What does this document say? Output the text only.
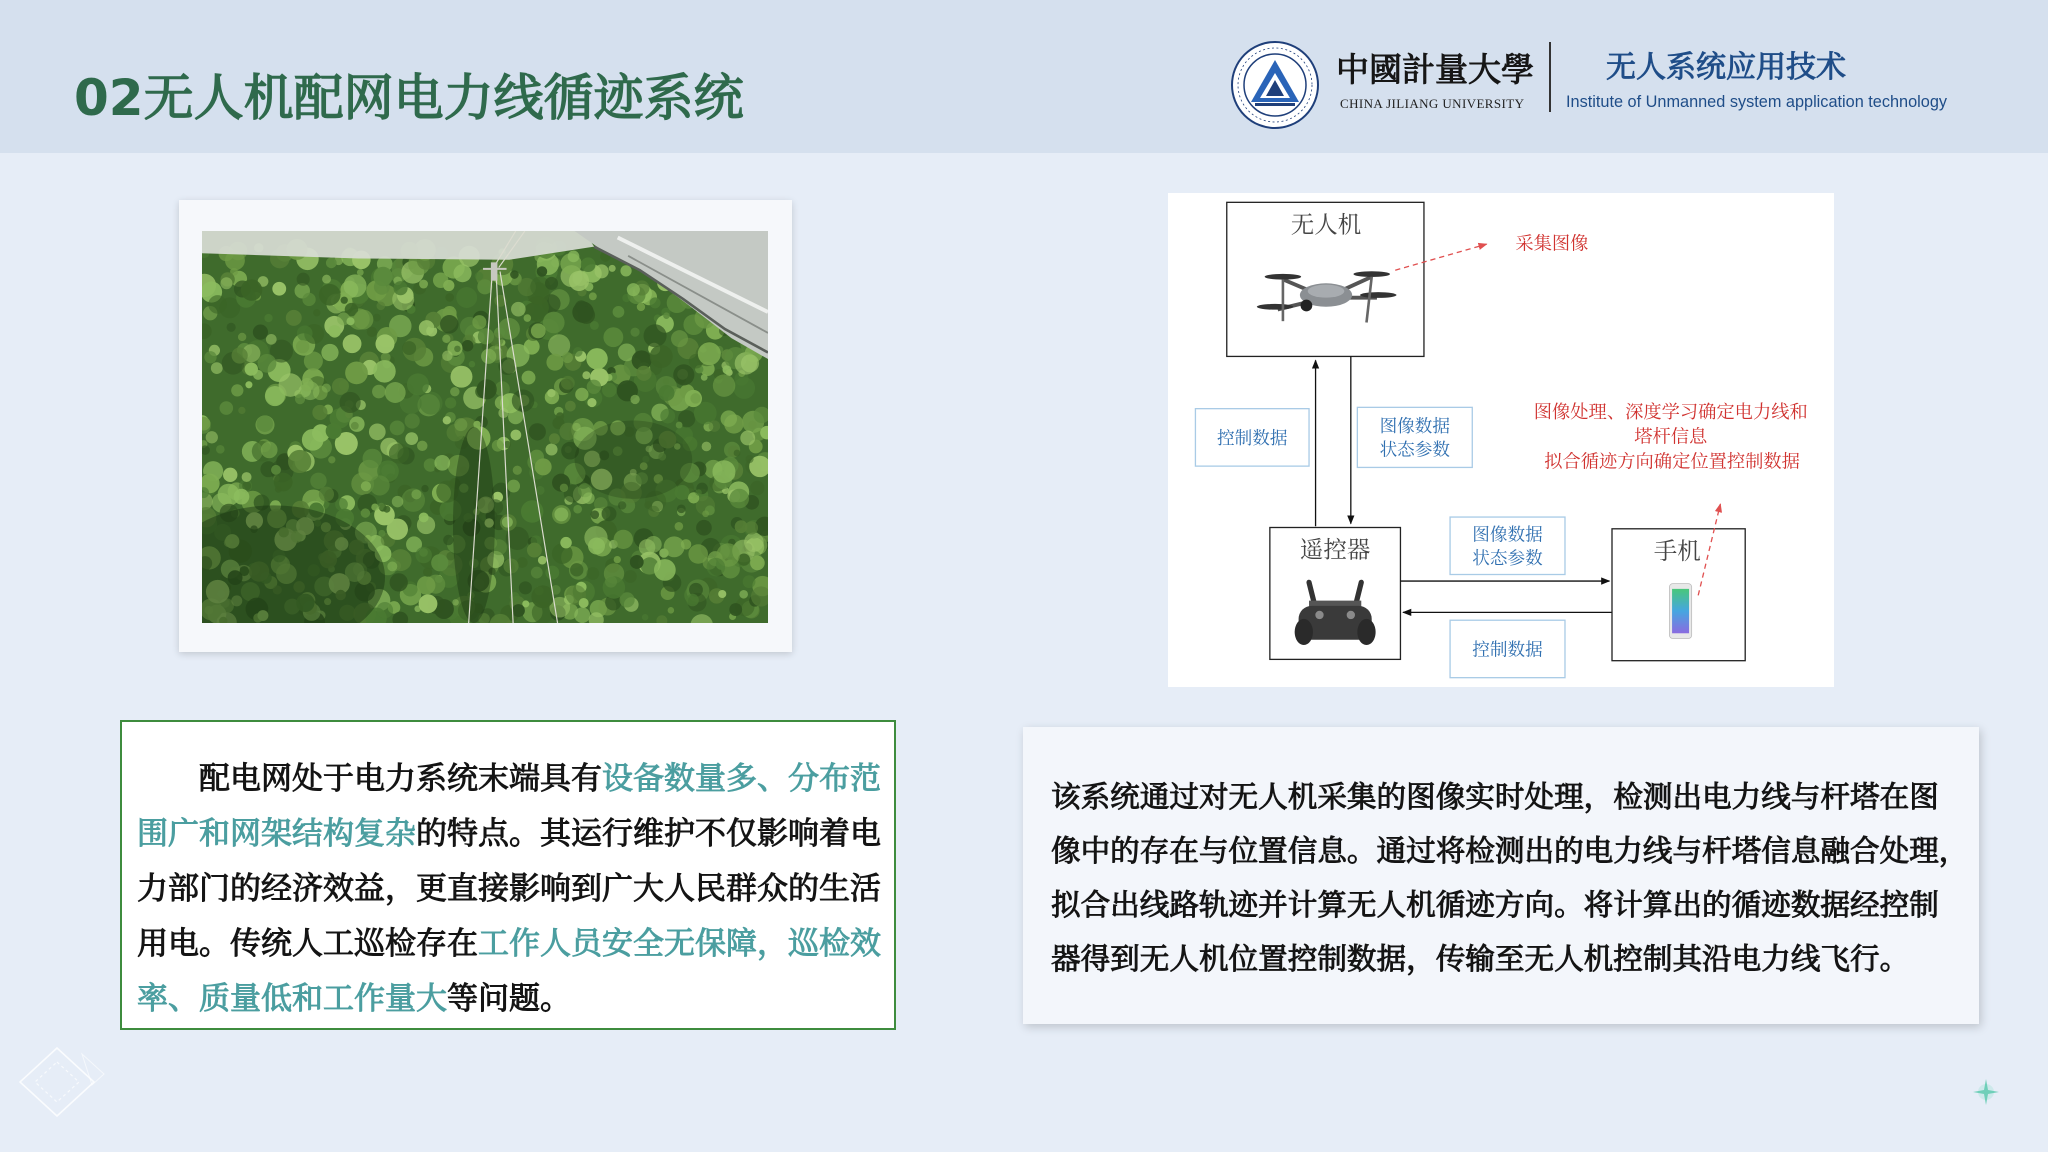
02无人机配网电力线循迹系统	中國計量大學
CHINA JILIANG UNIVERSITY
无人系统应用技术
Institute of Unmanned system application technology
无人机
采集图像
控制数据
图像数据
状态参数
图像处理、深度学习确定电力线和
塔杆信息
拟合循迹方向确定位置控制数据
遥控器	图像数据
状态参数
控制数据
手机
配电网处于电力系统末端具有设备数量多、分布范
围广和网架结构复杂的特点。其运行维护不仅影响着电
力部门的经济效益，更直接影响到广大人民群众的生活
用电。传统人工巡检存在工作人员安全无保障，巡检效
率、质量低和工作量大等问题。
该系统通过对无人机采集的图像实时处理，检测出电力线与杆塔在图
像中的存在与位置信息。通过将检测出的电力线与杆塔信息融合处理，
拟合出线路轨迹并计算无人机循迹方向。将计算出的循迹数据经控制
器得到无人机位置控制数据，传输至无人机控制其沿电力线飞行。
